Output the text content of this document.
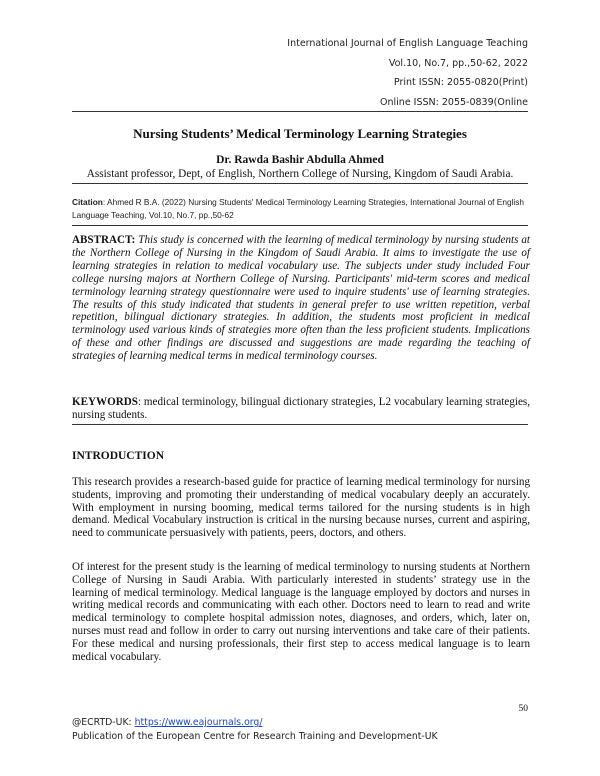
International Journal of English Language Teaching
Vol.10, No.7, pp.,50-62, 2022
Print ISSN: 2055-0820(Print)
Online ISSN: 2055-0839(Online
Nursing Students’ Medical Terminology Learning Strategies
Dr. Rawda Bashir Abdulla Ahmed
Assistant professor, Dept, of English, Northern College of Nursing, Kingdom of Saudi Arabia.
Citation: Ahmed R B.A. (2022) Nursing Students' Medical Terminology Learning Strategies, International Journal of English Language Teaching, Vol.10, No.7, pp.,50-62
ABSTRACT: This study is concerned with the learning of medical terminology by nursing students at the Northern College of Nursing in the Kingdom of Saudi Arabia. It aims to investigate the use of learning strategies in relation to medical vocabulary use. The subjects under study included Four college nursing majors at Northern College of Nursing. Participants' mid-term scores and medical terminology learning strategy questionnaire were used to inquire students' use of learning strategies. The results of this study indicated that students in general prefer to use written repetition, verbal repetition, bilingual dictionary strategies. In addition, the students most proficient in medical terminology used various kinds of strategies more often than the less proficient students. Implications of these and other findings are discussed and suggestions are made regarding the teaching of strategies of learning medical terms in medical terminology courses.
KEYWORDS: medical terminology, bilingual dictionary strategies, L2 vocabulary learning strategies, nursing students.
INTRODUCTION
This research provides a research-based guide for practice of learning medical terminology for nursing students, improving and promoting their understanding of medical vocabulary deeply an accurately. With employment in nursing booming, medical terms tailored for the nursing students is in high demand. Medical Vocabulary instruction is critical in the nursing because nurses, current and aspiring, need to communicate persuasively with patients, peers, doctors, and others.
Of interest for the present study is the learning of medical terminology to nursing students at Northern College of Nursing in Saudi Arabia. With particularly interested in students’ strategy use in the learning of medical terminology. Medical language is the language employed by doctors and nurses in writing medical records and communicating with each other. Doctors need to learn to read and write medical terminology to complete hospital admission notes, diagnoses, and orders, which, later on, nurses must read and follow in order to carry out nursing interventions and take care of their patients. For these medical and nursing professionals, their first step to access medical language is to learn medical vocabulary.
50
@ECRTD-UK: https://www.eajournals.org/
Publication of the European Centre for Research Training and Development-UK
